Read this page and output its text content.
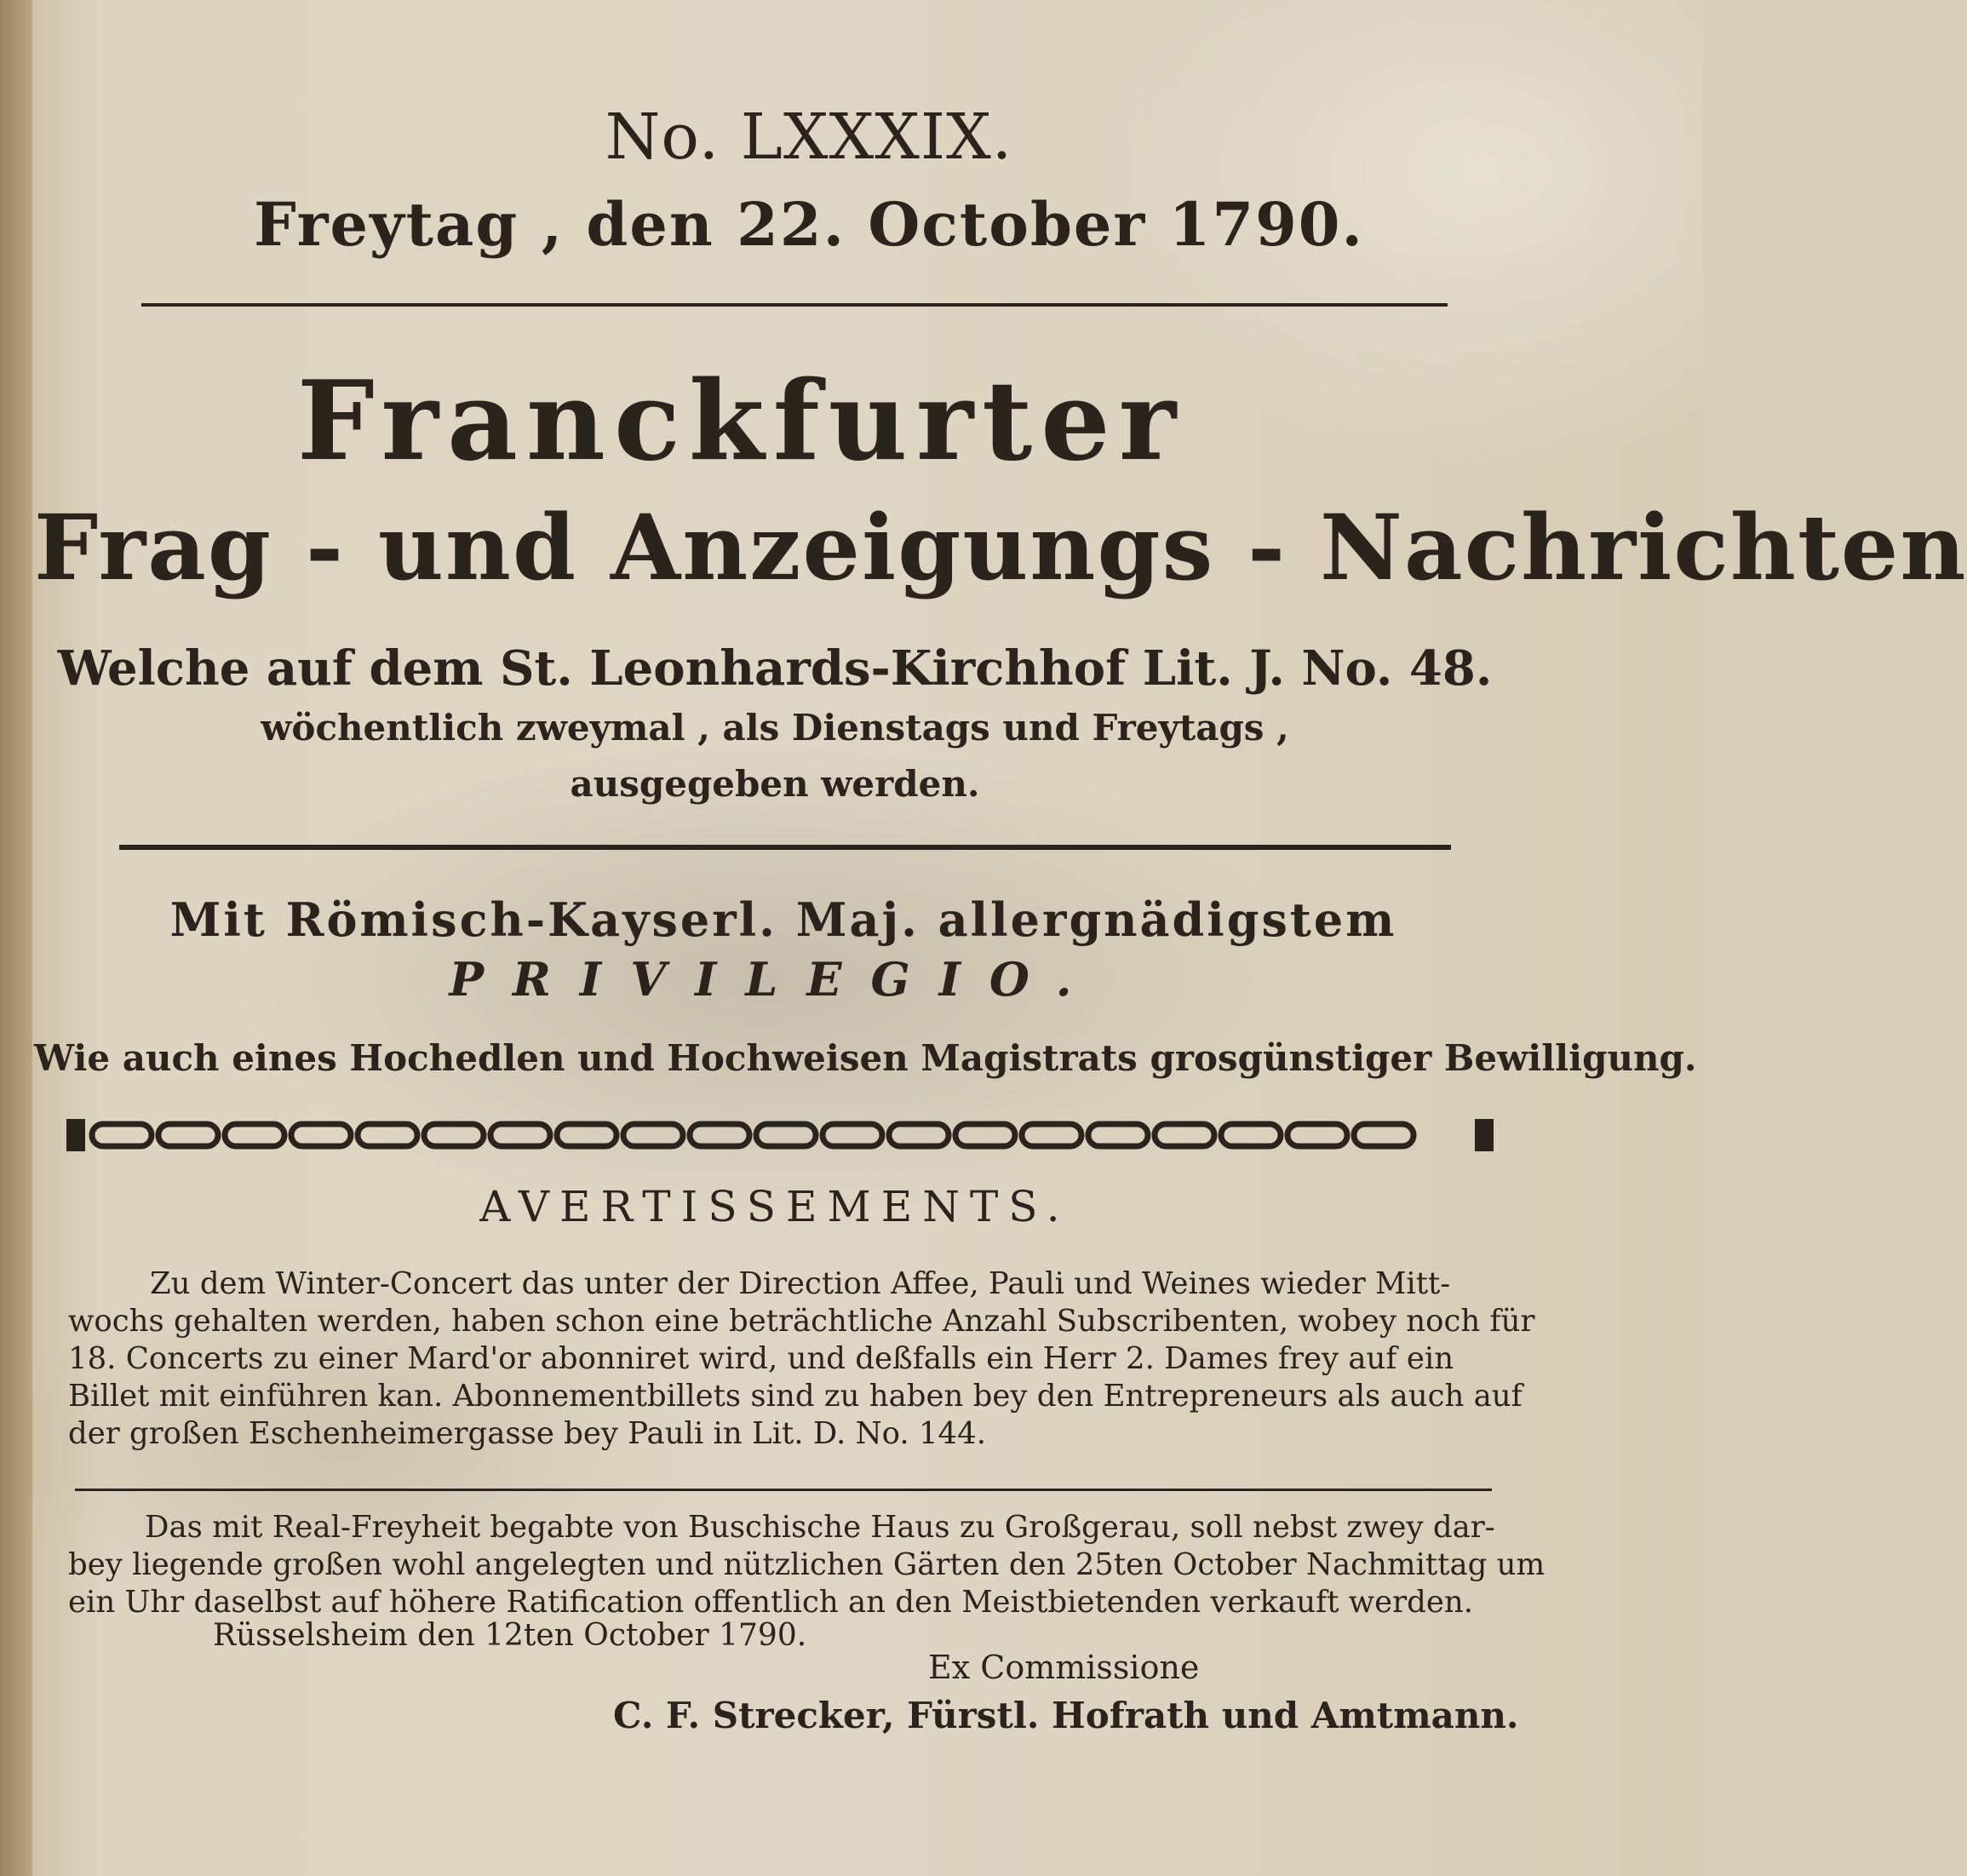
No. LXXXIX.
Freytag , den 22. October 1790.
Franckfurter
Frag - und Anzeigungs - Nachrichten
Welche auf dem St. Leonhards-Kirchhof Lit. J. No. 48.
wöchentlich zweymal , als Dienstags und Freytags ,
ausgegeben werden.
Mit Römisch-Kayserl. Maj. allergnädigstem
PRIVILEGIO.
Wie auch eines Hochedlen und Hochweisen Magistrats grosgünstiger Bewilligung.
AVERTISSEMENTS.
Zu dem Winter-Concert das unter der Direction Affee, Pauli und Weines wieder Mitt-
wochs gehalten werden, haben schon eine beträchtliche Anzahl Subscribenten, wobey noch für
18. Concerts zu einer Mard'or abonniret wird, und deßfalls ein Herr 2. Dames frey auf ein
Billet mit einführen kan. Abonnementbillets sind zu haben bey den Entrepreneurs als auch auf
der großen Eschenheimergasse bey Pauli in Lit. D. No. 144.
Das mit Real-Freyheit begabte von Buschische Haus zu Großgerau, soll nebst zwey dar-
bey liegende großen wohl angelegten und nützlichen Gärten den 25ten October Nachmittag um
ein Uhr daselbst auf höhere Ratification offentlich an den Meistbietenden verkauft werden.
Rüsselsheim den 12ten October 1790.
Ex Commissione
C. F. Strecker, Fürstl. Hofrath und Amtmann.
